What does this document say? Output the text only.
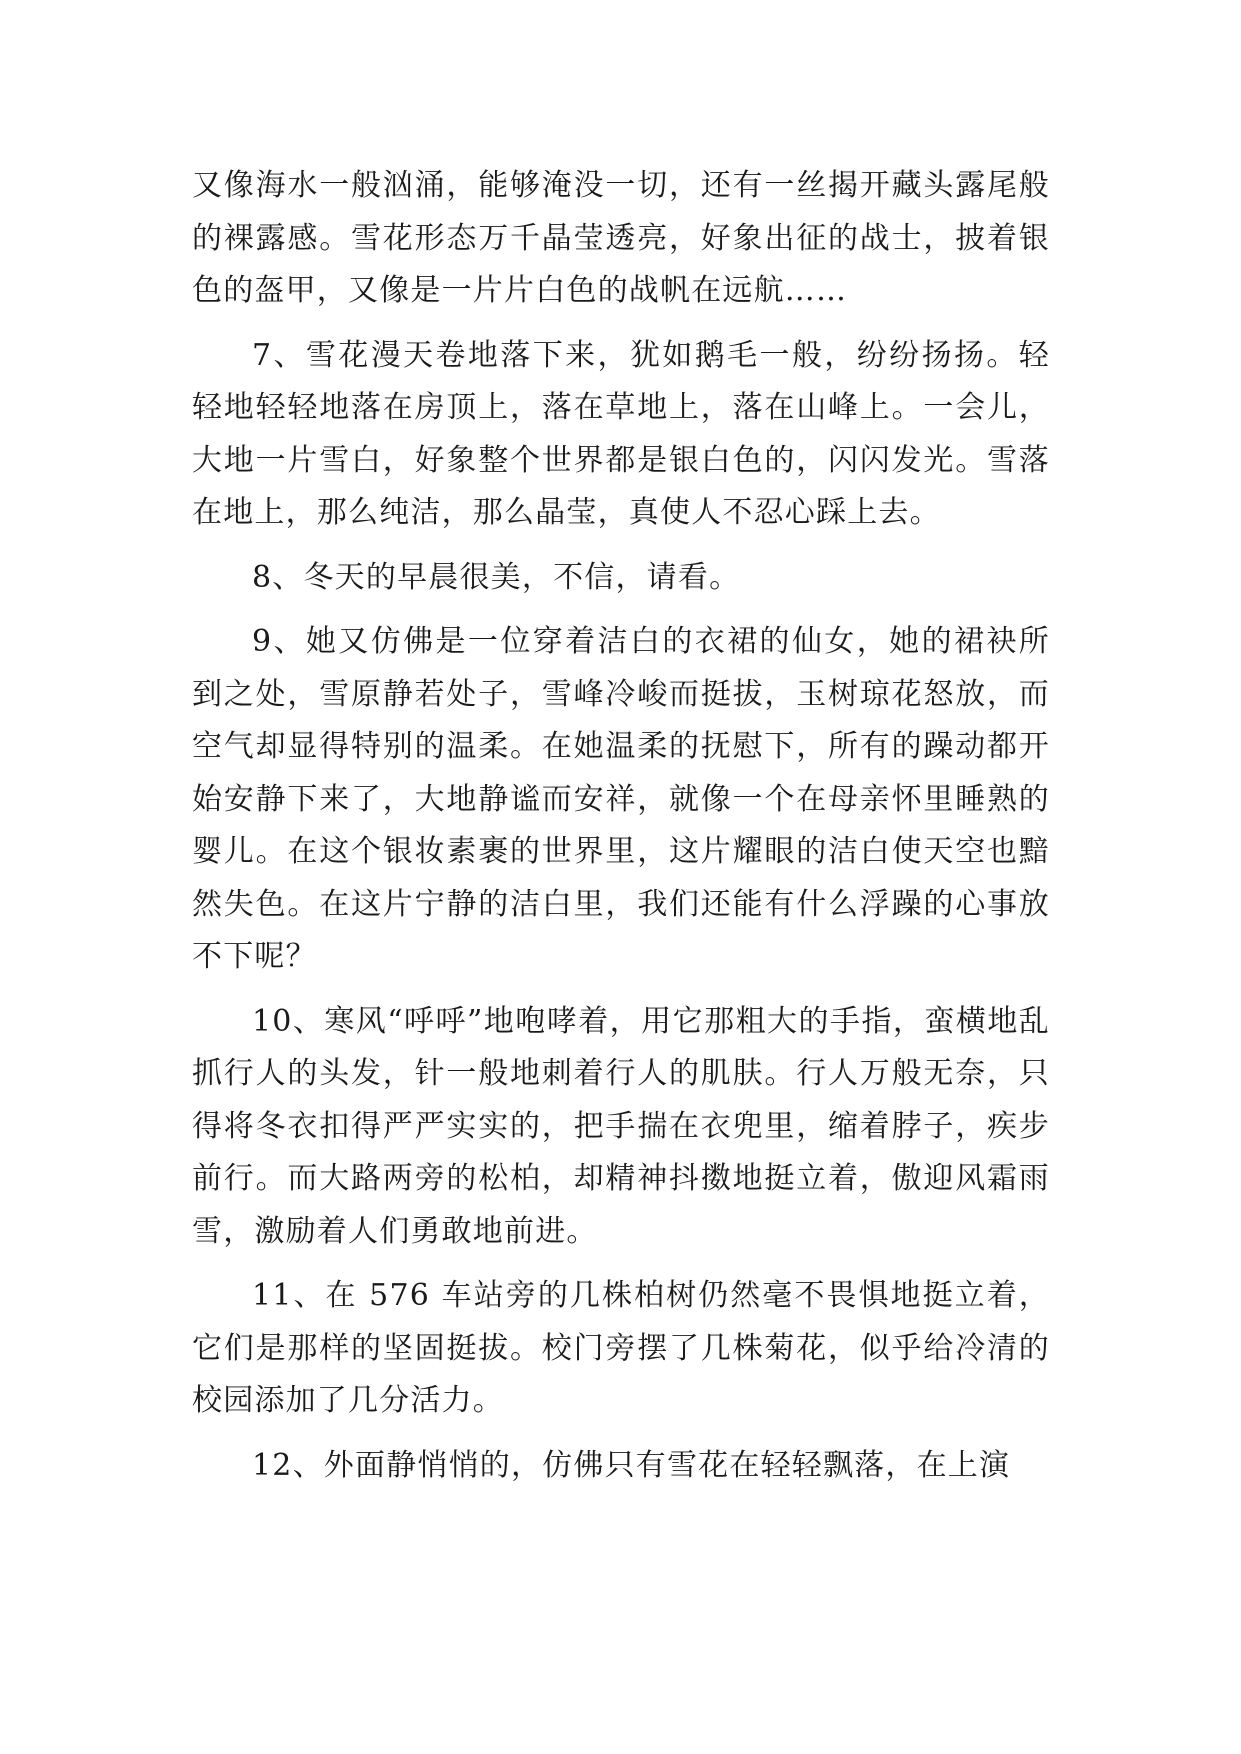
又像海水一般汹涌，能够淹没一切，还有一丝揭开藏头露尾般的裸露感。雪花形态万千晶莹透亮，好象出征的战士，披着银色的盔甲，又像是一片片白色的战帆在远航……

7、雪花漫天卷地落下来，犹如鹅毛一般，纷纷扬扬。轻轻地轻轻地落在房顶上，落在草地上，落在山峰上。一会儿，大地一片雪白，好象整个世界都是银白色的，闪闪发光。雪落在地上，那么纯洁，那么晶莹，真使人不忍心踩上去。

8、冬天的早晨很美，不信，请看。

9、她又仿佛是一位穿着洁白的衣裙的仙女，她的裙袂所到之处，雪原静若处子，雪峰冷峻而挺拔，玉树琼花怒放，而空气却显得特别的温柔。在她温柔的抚慰下，所有的躁动都开始安静下来了，大地静谧而安祥，就像一个在母亲怀里睡熟的婴儿。在这个银妆素裹的世界里，这片耀眼的洁白使天空也黯然失色。在这片宁静的洁白里，我们还能有什么浮躁的心事放不下呢？

10、寒风“呼呼”地咆哮着，用它那粗大的手指，蛮横地乱抓行人的头发，针一般地刺着行人的肌肤。行人万般无奈，只得将冬衣扣得严严实实的，把手揣在衣兜里，缩着脖子，疾步前行。而大路两旁的松柏，却精神抖擞地挺立着，傲迎风霜雨雪，激励着人们勇敢地前进。

11、在 576 车站旁的几株柏树仍然毫不畏惧地挺立着，它们是那样的坚固挺拔。校门旁摆了几株菊花，似乎给冷清的校园添加了几分活力。

12、外面静悄悄的，仿佛只有雪花在轻轻飘落，在上演
